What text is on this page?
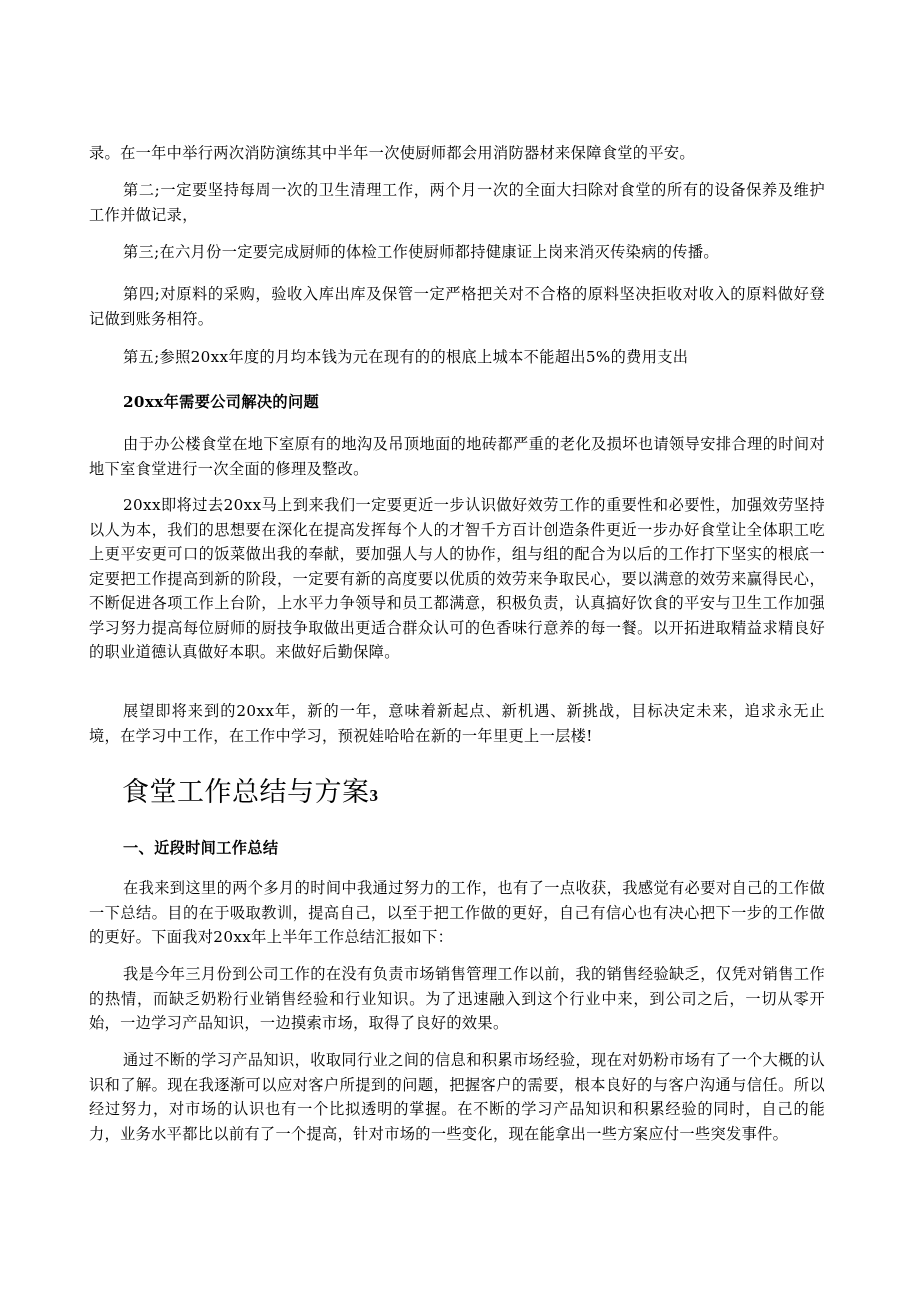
录。在一年中举行两次消防演练其中半年一次使厨师都会用消防器材来保障食堂的平安。

第二;一定要坚持每周一次的卫生清理工作，两个月一次的全面大扫除对食堂的所有的设备保养及维护工作并做记录，

第三;在六月份一定要完成厨师的体检工作使厨师都持健康证上岗来消灭传染病的传播。

第四;对原料的采购，验收入库出库及保管一定严格把关对不合格的原料坚决拒收对收入的原料做好登记做到账务相符。

第五;参照20xx年度的月均本钱为元在现有的的根底上城本不能超出5%的费用支出

20xx年需要公司解决的问题

由于办公楼食堂在地下室原有的地沟及吊顶地面的地砖都严重的老化及损坏也请领导安排合理的时间对地下室食堂进行一次全面的修理及整改。

20xx即将过去20xx马上到来我们一定要更近一步认识做好效劳工作的重要性和必要性，加强效劳坚持以人为本，我们的思想要在深化在提高发挥每个人的才智千方百计创造条件更近一步办好食堂让全体职工吃上更平安更可口的饭菜做出我的奉献，要加强人与人的协作，组与组的配合为以后的工作打下坚实的根底一定要把工作提高到新的阶段，一定要有新的高度要以优质的效劳来争取民心，要以满意的效劳来赢得民心，不断促进各项工作上台阶，上水平力争领导和员工都满意，积极负责，认真搞好饮食的平安与卫生工作加强学习努力提高每位厨师的厨技争取做出更适合群众认可的色香味行意养的每一餐。以开拓进取精益求精良好的职业道德认真做好本职。来做好后勤保障。

展望即将来到的20xx年，新的一年，意味着新起点、新机遇、新挑战，目标决定未来，追求永无止境，在学习中工作，在工作中学习，预祝娃哈哈在新的一年里更上一层楼!

食堂工作总结与方案3

一、近段时间工作总结

在我来到这里的两个多月的时间中我通过努力的工作，也有了一点收获，我感觉有必要对自己的工作做一下总结。目的在于吸取教训，提高自己，以至于把工作做的更好，自己有信心也有决心把下一步的工作做的更好。下面我对20xx年上半年工作总结汇报如下：

我是今年三月份到公司工作的在没有负责市场销售管理工作以前，我的销售经验缺乏，仅凭对销售工作的热情，而缺乏奶粉行业销售经验和行业知识。为了迅速融入到这个行业中来，到公司之后，一切从零开始，一边学习产品知识，一边摸索市场，取得了良好的效果。

通过不断的学习产品知识，收取同行业之间的信息和积累市场经验，现在对奶粉市场有了一个大概的认识和了解。现在我逐渐可以应对客户所提到的问题，把握客户的需要，根本良好的与客户沟通与信任。所以经过努力，对市场的认识也有一个比拟透明的掌握。在不断的学习产品知识和积累经验的同时，自己的能力，业务水平都比以前有了一个提高，针对市场的一些变化，现在能拿出一些方案应付一些突发事件。
